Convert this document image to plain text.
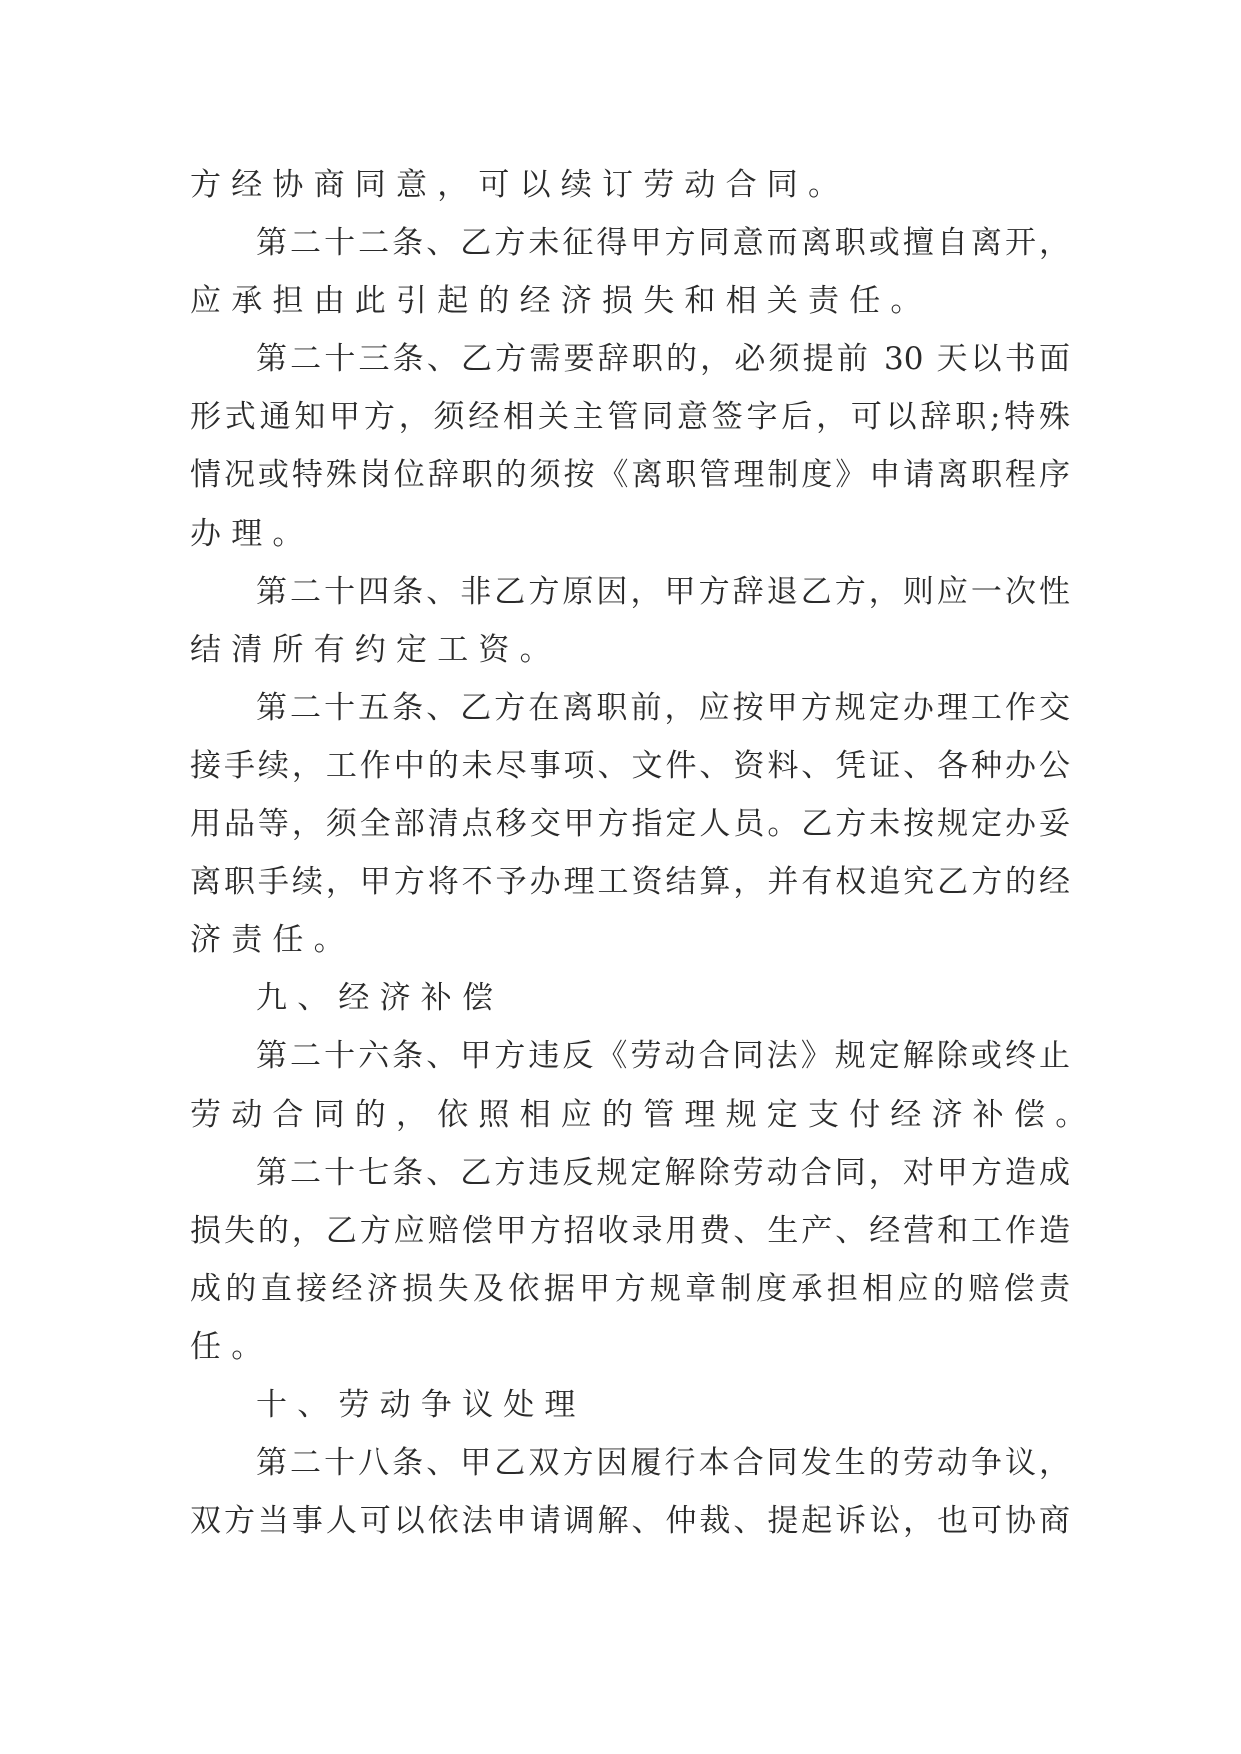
方经协商同意，可以续订劳动合同。
第二十二条、乙方未征得甲方同意而离职或擅自离开，
应承担由此引起的经济损失和相关责任。
第二十三条、乙方需要辞职的，必须提前 30 天以书面
形式通知甲方，须经相关主管同意签字后，可以辞职;特殊
情况或特殊岗位辞职的须按《离职管理制度》申请离职程序
办理。
第二十四条、非乙方原因，甲方辞退乙方，则应一次性
结清所有约定工资。
第二十五条、乙方在离职前，应按甲方规定办理工作交
接手续，工作中的未尽事项、文件、资料、凭证、各种办公
用品等，须全部清点移交甲方指定人员。乙方未按规定办妥
离职手续，甲方将不予办理工资结算，并有权追究乙方的经
济责任。
九、经济补偿
第二十六条、甲方违反《劳动合同法》规定解除或终止
劳动合同的，依照相应的管理规定支付经济补偿。
第二十七条、乙方违反规定解除劳动合同，对甲方造成
损失的，乙方应赔偿甲方招收录用费、生产、经营和工作造
成的直接经济损失及依据甲方规章制度承担相应的赔偿责
任。
十、劳动争议处理
第二十八条、甲乙双方因履行本合同发生的劳动争议，
双方当事人可以依法申请调解、仲裁、提起诉讼，也可协商
